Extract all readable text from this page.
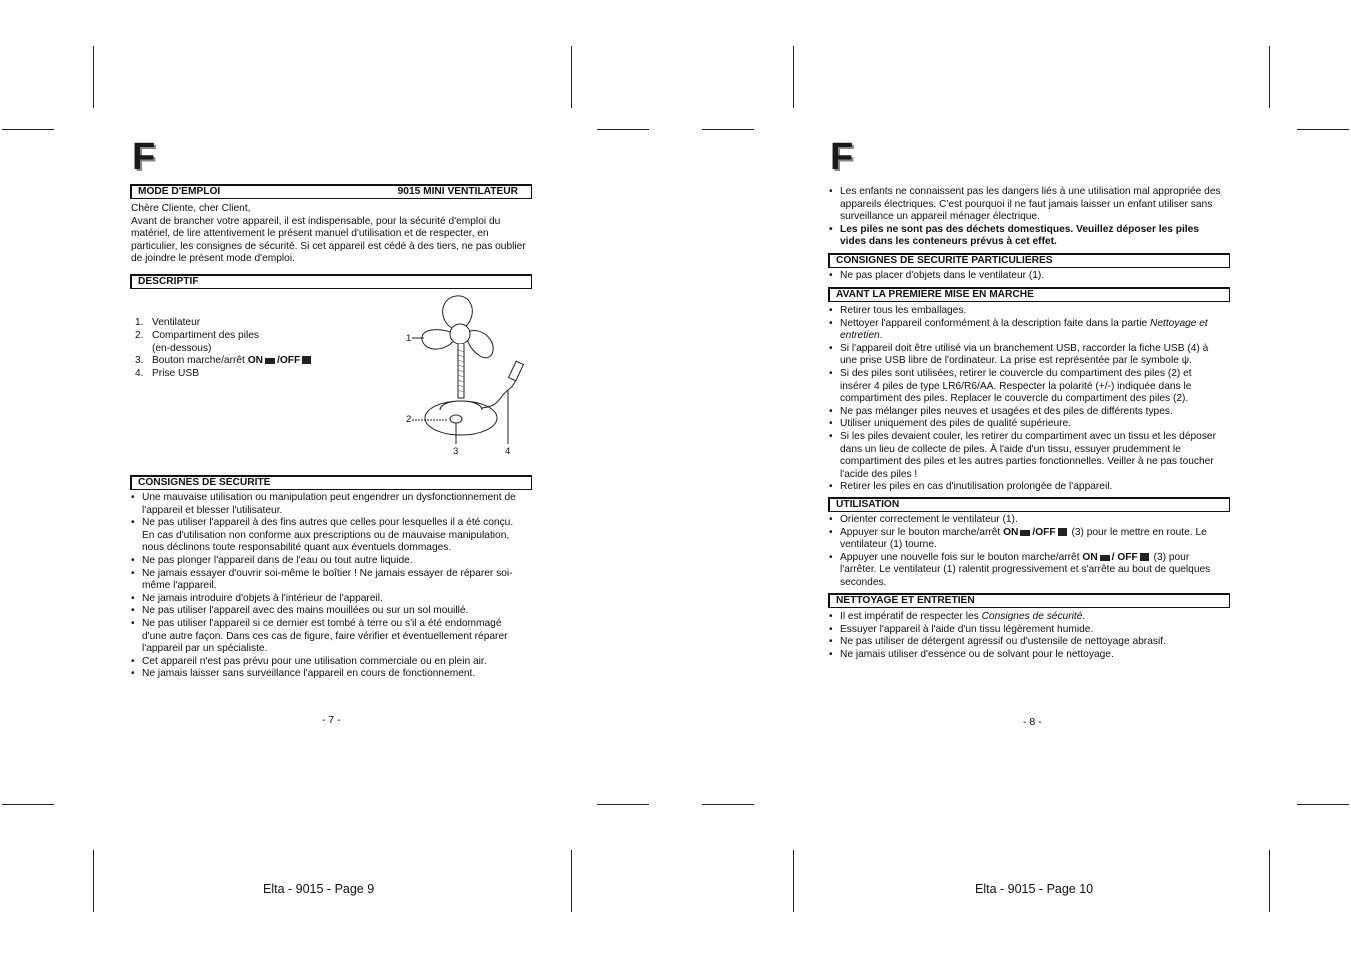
F
MODE D'EMPLOI	9015 MINI VENTILATEUR

Chère Cliente, cher Client,

Avant de brancher votre appareil, il est indispensable, pour la sécurité d'emploi du matériel, de lire attentivement le présent manuel d'utilisation et de respecter, en particulier, les consignes de sécurité. Si cet appareil est cédé à des tiers, ne pas oublier de joindre le présent mode d'emploi.

DESCRIPTIF
1. Ventilateur
2. Compartiment des piles
(en-dessous)
3. Bouton marche/arrêt ON /OFF
4. Prise USB
1
2
3	4
CONSIGNES DE SÉCURITÉ
• Une mauvaise utilisation ou manipulation peut engendrer un dysfonctionnement de l'appareil et blesser l'utilisateur.
• Ne pas utiliser l'appareil à des fins autres que celles pour lesquelles il a été conçu. En cas d'utilisation non conforme aux prescriptions ou de mauvaise manipulation, nous déclinons toute responsabilité quant aux éventuels dommages.
• Ne pas plonger l'appareil dans de l'eau ou tout autre liquide.
• Ne jamais essayer d'ouvrir soi-même le boîtier ! Ne jamais essayer de réparer soi-même l'appareil.
• Ne jamais introduire d'objets à l'intérieur de l'appareil.
• Ne pas utiliser l'appareil avec des mains mouillées ou sur un sol mouillé.
• Ne pas utiliser l'appareil si ce dernier est tombé à terre ou s'il a été endommagé d'une autre façon. Dans ces cas de figure, faire vérifier et éventuellement réparer l'appareil par un spécialiste.
• Cet appareil n'est pas prévu pour une utilisation commerciale ou en plein air.
• Ne jamais laisser sans surveillance l'appareil en cours de fonctionnement.
- 7 -
Elta - 9015 - Page 9
F
• Les enfants ne connaissent pas les dangers liés à une utilisation mal appropriée des appareils électriques. C'est pourquoi il ne faut jamais laisser un enfant utiliser sans surveillance un appareil ménager électrique.
• Les piles ne sont pas des déchets domestiques. Veuillez déposer les piles vides dans les conteneurs prévus à cet effet.
CONSIGNES DE SÉCURITÉ PARTICULIÈRES
• Ne pas placer d'objets dans le ventilateur (1).
AVANT LA PREMIÈRE MISE EN MARCHE
• Retirer tous les emballages.
• Nettoyer l'appareil conformément à la description faite dans la partie Nettoyage et entretien.
• Si l'appareil doit être utilisé via un branchement USB, raccorder la fiche USB (4) à une prise USB libre de l'ordinateur. La prise est représentée par le symbole ψ.
• Si des piles sont utilisées, retirer le couvercle du compartiment des piles (2) et insérer 4 piles de type LR6/R6/AA. Respecter la polarité (+/-) indiquée dans le compartiment des piles. Replacer le couvercle du compartiment des piles (2).
• Ne pas mélanger piles neuves et usagées et des piles de différents types.
• Utiliser uniquement des piles de qualité supérieure.
• Si les piles devaient couler, les retirer du compartiment avec un tissu et les déposer dans un lieu de collecte de piles. À l'aide d'un tissu, essuyer prudemment le compartiment des piles et les autres parties fonctionnelles. Veiller à ne pas toucher l'acide des piles !
• Retirer les piles en cas d'inutilisation prolongée de l'appareil.
UTILISATION
• Orienter correctement le ventilateur (1).
• Appuyer sur le bouton marche/arrêt ON /OFF (3) pour le mettre en route. Le ventilateur (1) tourne.
• Appuyer une nouvelle fois sur le bouton marche/arrêt ON / OFF (3) pour l'arrêter. Le ventilateur (1) ralentit progressivement et s'arrête au bout de quelques secondes.
NETTOYAGE ET ENTRETIEN
• Il est impératif de respecter les Consignes de sécurité.
• Essuyer l'appareil à l'aide d'un tissu légèrement humide.
• Ne pas utiliser de détergent agressif ou d'ustensile de nettoyage abrasif.
• Ne jamais utiliser d'essence ou de solvant pour le nettoyage.
- 8 -
Elta - 9015 - Page 10
